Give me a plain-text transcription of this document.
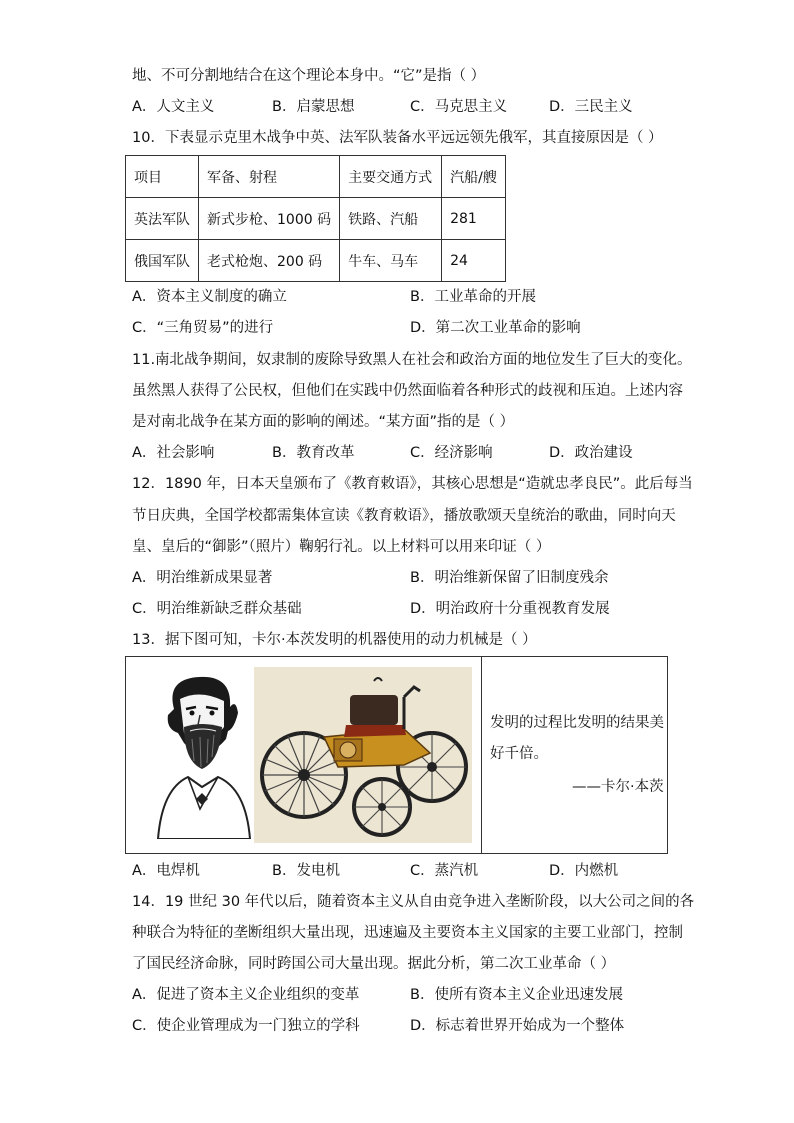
地、不可分割地结合在这个理论本身中。“它”是指（ ）
A．人文主义	B．启蒙思想	C．马克思主义	D．三民主义
10．下表显示克里木战争中英、法军队装备水平远远领先俄军，其直接原因是（ ）
项目	军备、射程	主要交通方式	汽船/艘
英法军队	新式步枪、1000 码	铁路、汽船	281
俄国军队	老式枪炮、200 码	牛车、马车	24
A．资本主义制度的确立	B．工业革命的开展
C．“三角贸易”的进行	D．第二次工业革命的影响
11.南北战争期间，奴隶制的废除导致黑人在社会和政治方面的地位发生了巨大的变化。
虽然黑人获得了公民权，但他们在实践中仍然面临着各种形式的歧视和压迫。上述内容
是对南北战争在某方面的影响的阐述。“某方面”指的是（ ）
A．社会影响	B．教育改革	C．经济影响	D．政治建设
12．1890 年，日本天皇颁布了《教育敕语》，其核心思想是“造就忠孝良民”。此后每当
节日庆典，全国学校都需集体宣读《教育敕语》，播放歌颂天皇统治的歌曲，同时向天
皇、皇后的“御影”（照片）鞠躬行礼。以上材料可以用来印证（ ）
A．明治维新成果显著	B．明治维新保留了旧制度残余
C．明治维新缺乏群众基础	D．明治政府十分重视教育发展
13．据下图可知，卡尔·本茨发明的机器使用的动力机械是（ ）
发明的过程比发明的结果美
好千倍。
——卡尔·本茨
A．电焊机	B．发电机	C．蒸汽机	D．内燃机
14．19 世纪 30 年代以后，随着资本主义从自由竞争进入垄断阶段，以大公司之间的各
种联合为特征的垄断组织大量出现，迅速遍及主要资本主义国家的主要工业部门，控制
了国民经济命脉，同时跨国公司大量出现。据此分析，第二次工业革命（ ）
A．促进了资本主义企业组织的变革	B．使所有资本主义企业迅速发展
C．使企业管理成为一门独立的学科	D．标志着世界开始成为一个整体
